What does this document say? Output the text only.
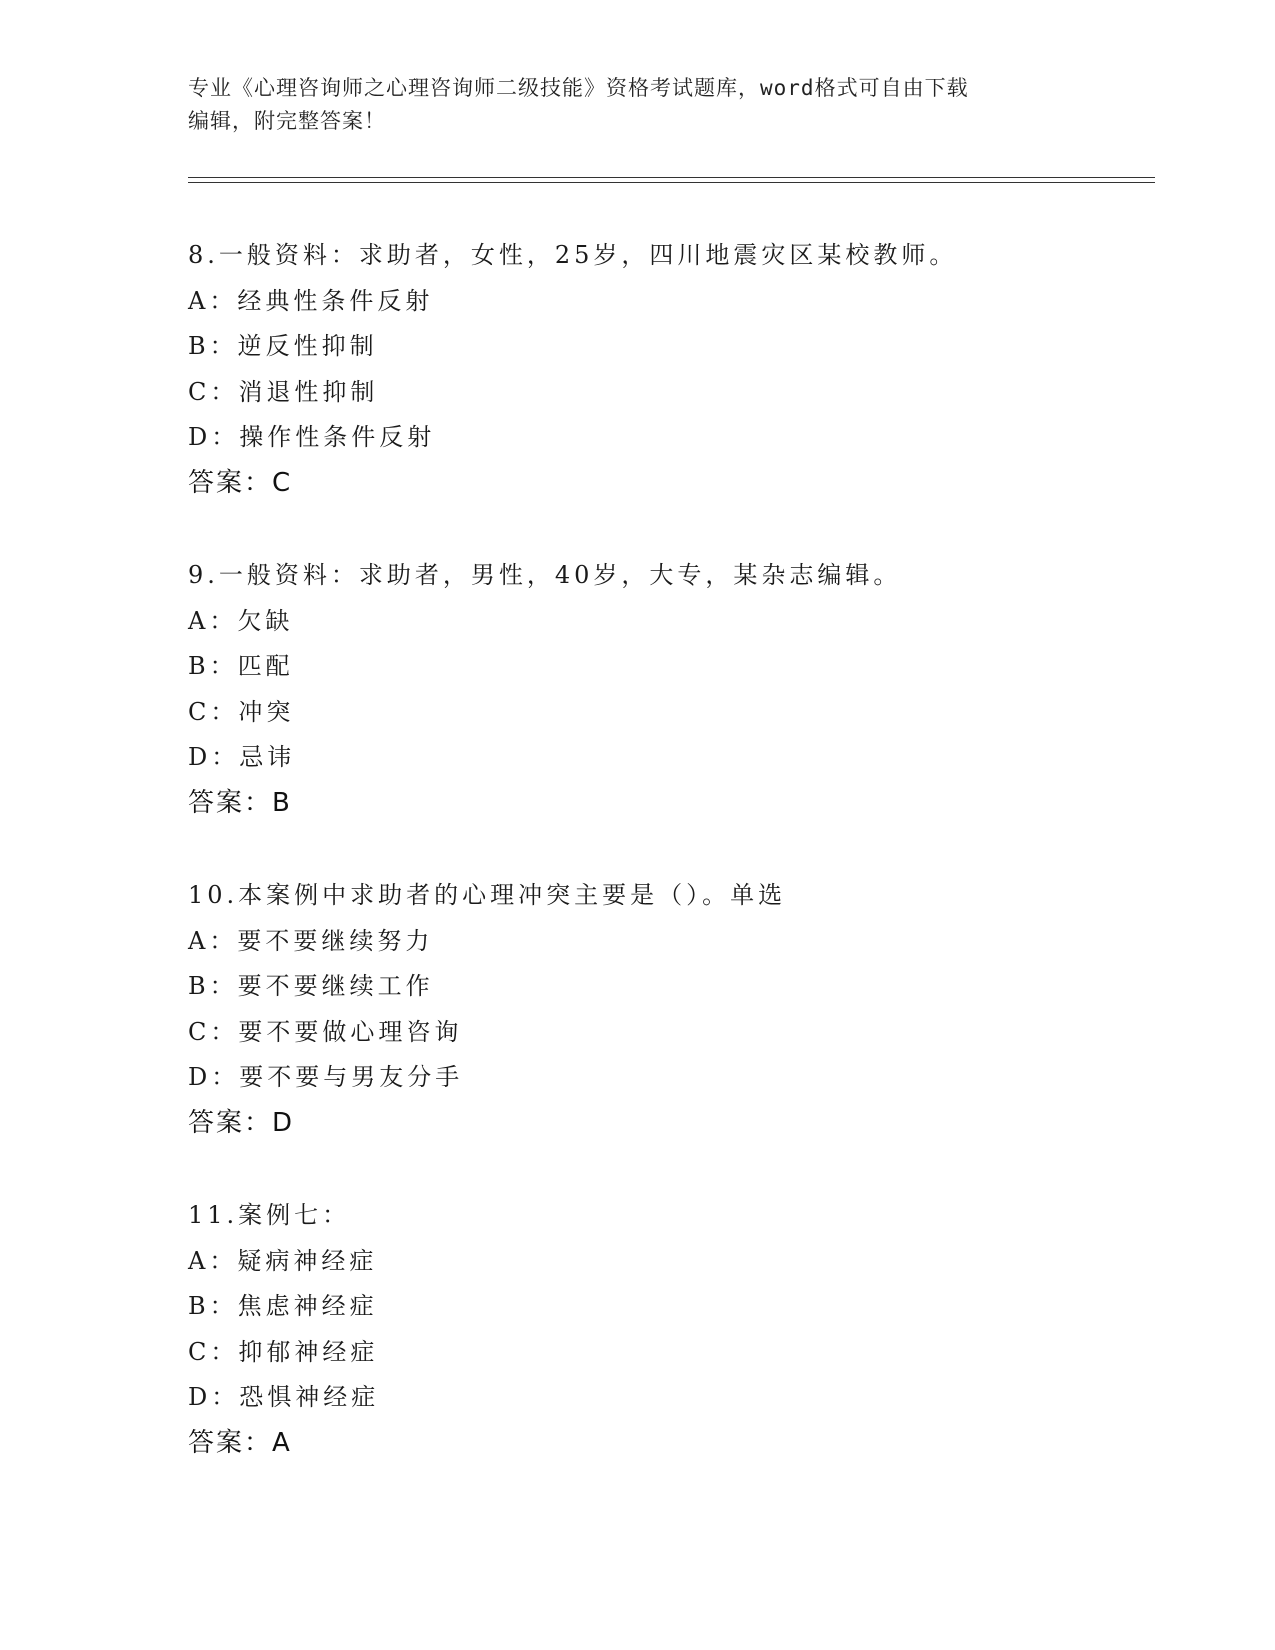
专业《心理咨询师之心理咨询师二级技能》资格考试题库，word格式可自由下载
编辑，附完整答案！
8.一般资料：求助者，女性，25岁，四川地震灾区某校教师。
A：经典性条件反射
B：逆反性抑制
C：消退性抑制
D：操作性条件反射
答案：C
9.一般资料：求助者，男性，40岁，大专，某杂志编辑。
A：欠缺
B：匹配
C：冲突
D：忌讳
答案：B
10.本案例中求助者的心理冲突主要是（）。单选
A：要不要继续努力
B：要不要继续工作
C：要不要做心理咨询
D：要不要与男友分手
答案：D
11.案例七：
A：疑病神经症
B：焦虑神经症
C：抑郁神经症
D：恐惧神经症
答案：A
